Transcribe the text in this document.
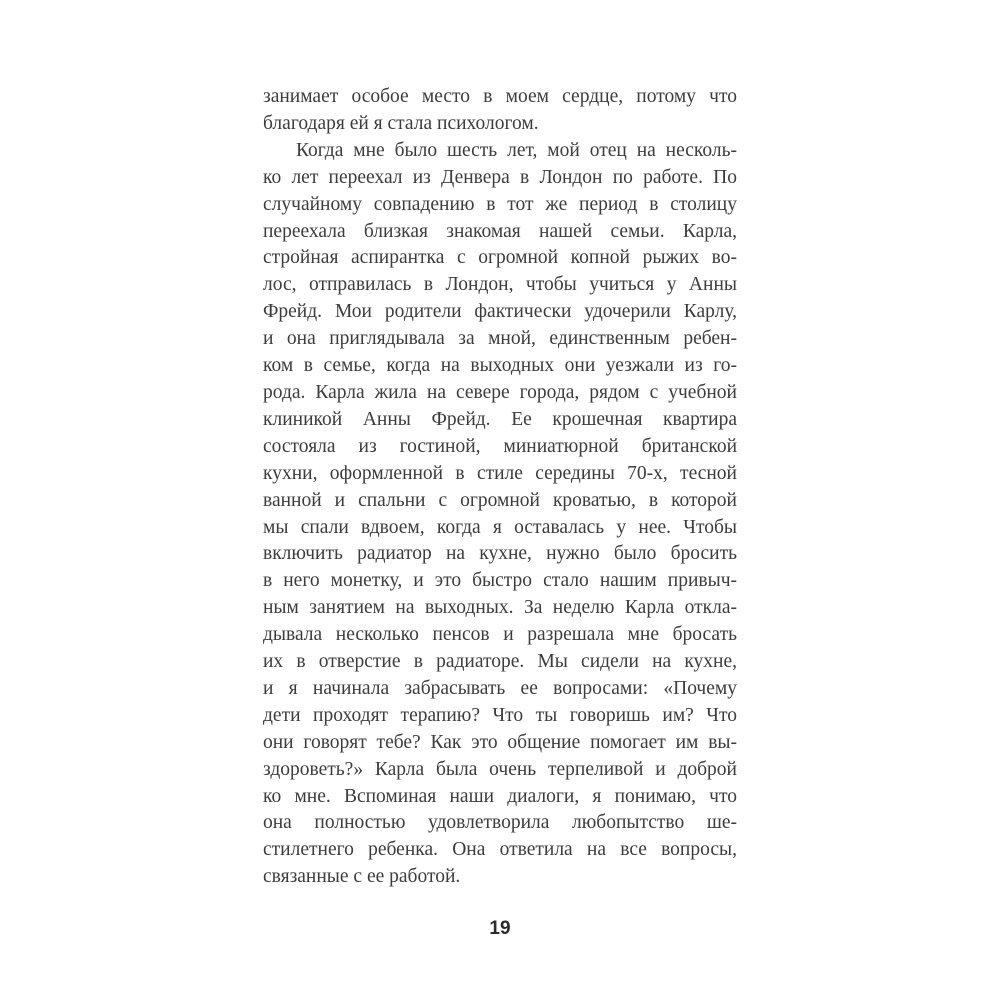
занимает особое место в моем сердце, потому что
благодаря ей я стала психологом.
Когда мне было шесть лет, мой отец на несколь-
ко лет переехал из Денвера в Лондон по работе. По
случайному совпадению в тот же период в столицу
переехала близкая знакомая нашей семьи. Карла,
стройная аспирантка с огромной копной рыжих во-
лос, отправилась в Лондон, чтобы учиться у Анны
Фрейд. Мои родители фактически удочерили Карлу,
и она приглядывала за мной, единственным ребен-
ком в семье, когда на выходных они уезжали из го-
рода. Карла жила на севере города, рядом с учебной
клиникой Анны Фрейд. Ее крошечная квартира
состояла из гостиной, миниатюрной британской
кухни, оформленной в стиле середины 70-х, тесной
ванной и спальни с огромной кроватью, в которой
мы спали вдвоем, когда я оставалась у нее. Чтобы
включить радиатор на кухне, нужно было бросить
в него монетку, и это быстро стало нашим привыч-
ным занятием на выходных. За неделю Карла откла-
дывала несколько пенсов и разрешала мне бросать
их в отверстие в радиаторе. Мы сидели на кухне,
и я начинала забрасывать ее вопросами: «Почему
дети проходят терапию? Что ты говоришь им? Что
они говорят тебе? Как это общение помогает им вы-
здороветь?» Карла была очень терпеливой и доброй
ко мне. Вспоминая наши диалоги, я понимаю, что
она полностью удовлетворила любопытство ше-
стилетнего ребенка. Она ответила на все вопросы,
связанные с ее работой.
19
